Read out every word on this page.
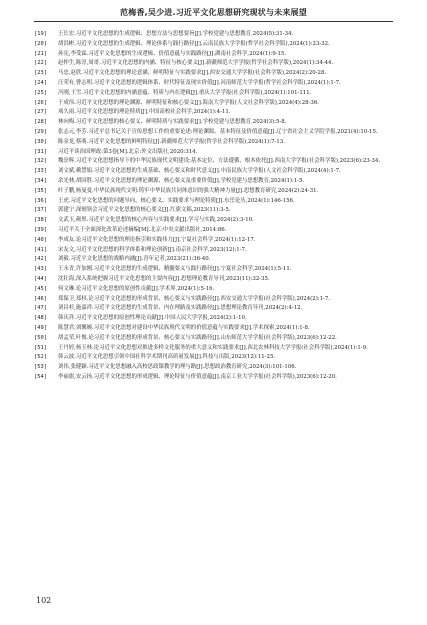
范梅香,吴少进.习近平文化思想研究现状与未来展望
[19]	王长宏.习近平文化思想的生成逻辑、思想方法与思想要旨[J].学校党建与思想教育,2024(5):31-34.
[20]	胡洪彬.习近平文化思想的生成逻辑、理论体系与践行路径[J].云南民族大学学报(哲学社会科学版),2024(1):23-32.
[21]	孙宪,李受霖.习近平文化思想的生成逻辑、价值意蕴与实践路径[J].湖南社会科学,2024(1):9-15.
[22]	赵仲生,陈淳,周哥.习近平文化思想的内涵、特征与核心要义[J].新疆师范大学学报(哲学社会科学版),2024(1):34-44.
[23]	马忠,赵欣.习近平文化思想的理论意涵、鲜明特征与实践要求[J].西安交通大学学报(社会科学版),2024(2):20-28.
[24]	汪荣有,曹志明.习近平文化思想的逻辑体系、时代特征及现实价值[J].河南师范大学学报(哲学社会科学版),2024(1):1-7.
[25]	冯刚,王雪.习近平文化思想的内涵意蕴、特质与内在逻辑[J].重庆大学学报(社会科学版),2024(1):101-111.
[26]	于成伟.习近平文化思想的理论渊源、鲜明特征和核心要义[J].海南大学学报(人文社会科学版),2024(4):28-36.
[27]	项久雨.习近平文化思想的理论特质[J].中国高校社会科学,2024(1):4-11.
[28]	林向梅.习近平文化思想的核心要义、鲜明特质与实践要求[J].学校党建与思想教育,2024(3):5-8.
[29]	张志元,李芳.习近平总书记关于宣传思想工作的重要论述:理论渊源、基本特征及价值意蕴[J].辽宁省社会主义学院学报,2021(4):10-15.
[30]	陈金龙,蔡萌.习近平文化思想的鲜明特征[J].新疆师范大学学报(哲学社会科学版),2024(1):7-13.
[31]	习近平谈治国理政:第3卷[M].北京:外文出版社,2020:314.
[32]	魏崇辉.习近平文化思想指导下的中华民族现代文明建设:基本定位、方法遵循、根本依托[J].西南大学学报(社会科学版),2023(6):23-34.
[33]	刘文斌,赖慧娟.习近平文化思想的生成基础、核心要义和时代意义[J].中南民族大学学报(人文社会科学版),2024(4):1-7.
[34]	余光林,胡国胜.习近平文化思想的理论渊源、核心要义及重要价值[J].学校党建与思想教育,2024(1):1-5.
[35]	叶子鹏,杨曼曼.中华民族现代文明:铸牢中华民族共同体意识的强大精神力量[J].思想教育研究,2024(2):24-31.
[36]	王虎.习近平文化思想的问题导向、核心要义、实践要求与理论特质[J].东岳论丛,2024(1):146-156.
[37]	郭建宁.深刻领会习近平文化思想的核心要义[J].红旗文稿,2023(11):3-5.
[38]	文武玉,颜彤.习近平文化思想的核心内容与实践要求[J].学习与实践,2024(2):3-10.
[39]	习近平关于全面深化改革论述摘编[M].北京:中央文献出版社,2014:86.
[40]	李成友.论习近平文化思想的理论指引和实践伟力[J].宁夏社会科学,2024(1):12-17.
[41]	宋友文,习近平文化思想的科学体系和理论创新[J].南京社会科学,2023(12):1-7.
[42]	刘毅.习近平文化思想的战略内涵[J].青年记者,2023(21):36-40.
[43]	王永青,许加刚.习近平文化思想的生成逻辑、精髓要义与践行路径[J].宁夏社会科学,2024(1):5-11.
[44]	沈壮海,深入系统把握习近平文化思想的主要内容[J].思想理论教育导刊,2023(11):32-35.
[45]	何文琳.论习近平文化思想的原创性贡献[J].学术界,2024(1):5-16.
[46]	郑保卫,郑权.论习近平文化思想的形成背景、核心要义与实践路径[J].西安交通大学学报(社会科学版),2024(2):1-7.
[47]	刘昌杉,施嘉祥.习近平文化思想的生成背景、内在理路及实践路径[J].思想理论教育导刊,2024(2):4-12.
[48]	韩庆祥.习近平文化思想的原创性理论贡献[J].中国人民大学学报,2024(2):1-10.
[49]	陈慧君,刘馨婉.习近平文化思想对建设中华民族现代文明的价值意蕴与实践要求[J].学术探索,2024(1):1-8.
[50]	胡孟荣,叶俊.论习近平文化思想的形成背景、核心要义与实践路径[J].山东师范大学学报(社会科学版),2023(6):12-22.
[51]	王丹婷,杨玉林.论习近平文化思想对推进多样文化服务的重大意义和实践要求[J].西北农林科技大学学报(社会科学版),2024(1):1-9.
[52]	韩云波.习近平文化思想引领中国社科学术期刊高质量发展[J].科技与出版,2023(12):11-25.
[53]	刘伟,张健颖.习近平文化思想融入高校思政课教学的理与路[J].思想政治教育研究,2024(3):101-106.
[54]	李丽旗,安云扬.习近平文化思想的形成逻辑、理论特征与价值意蕴[J].南京工业大学学报(社会科学版),2023(6):12-20.
102
